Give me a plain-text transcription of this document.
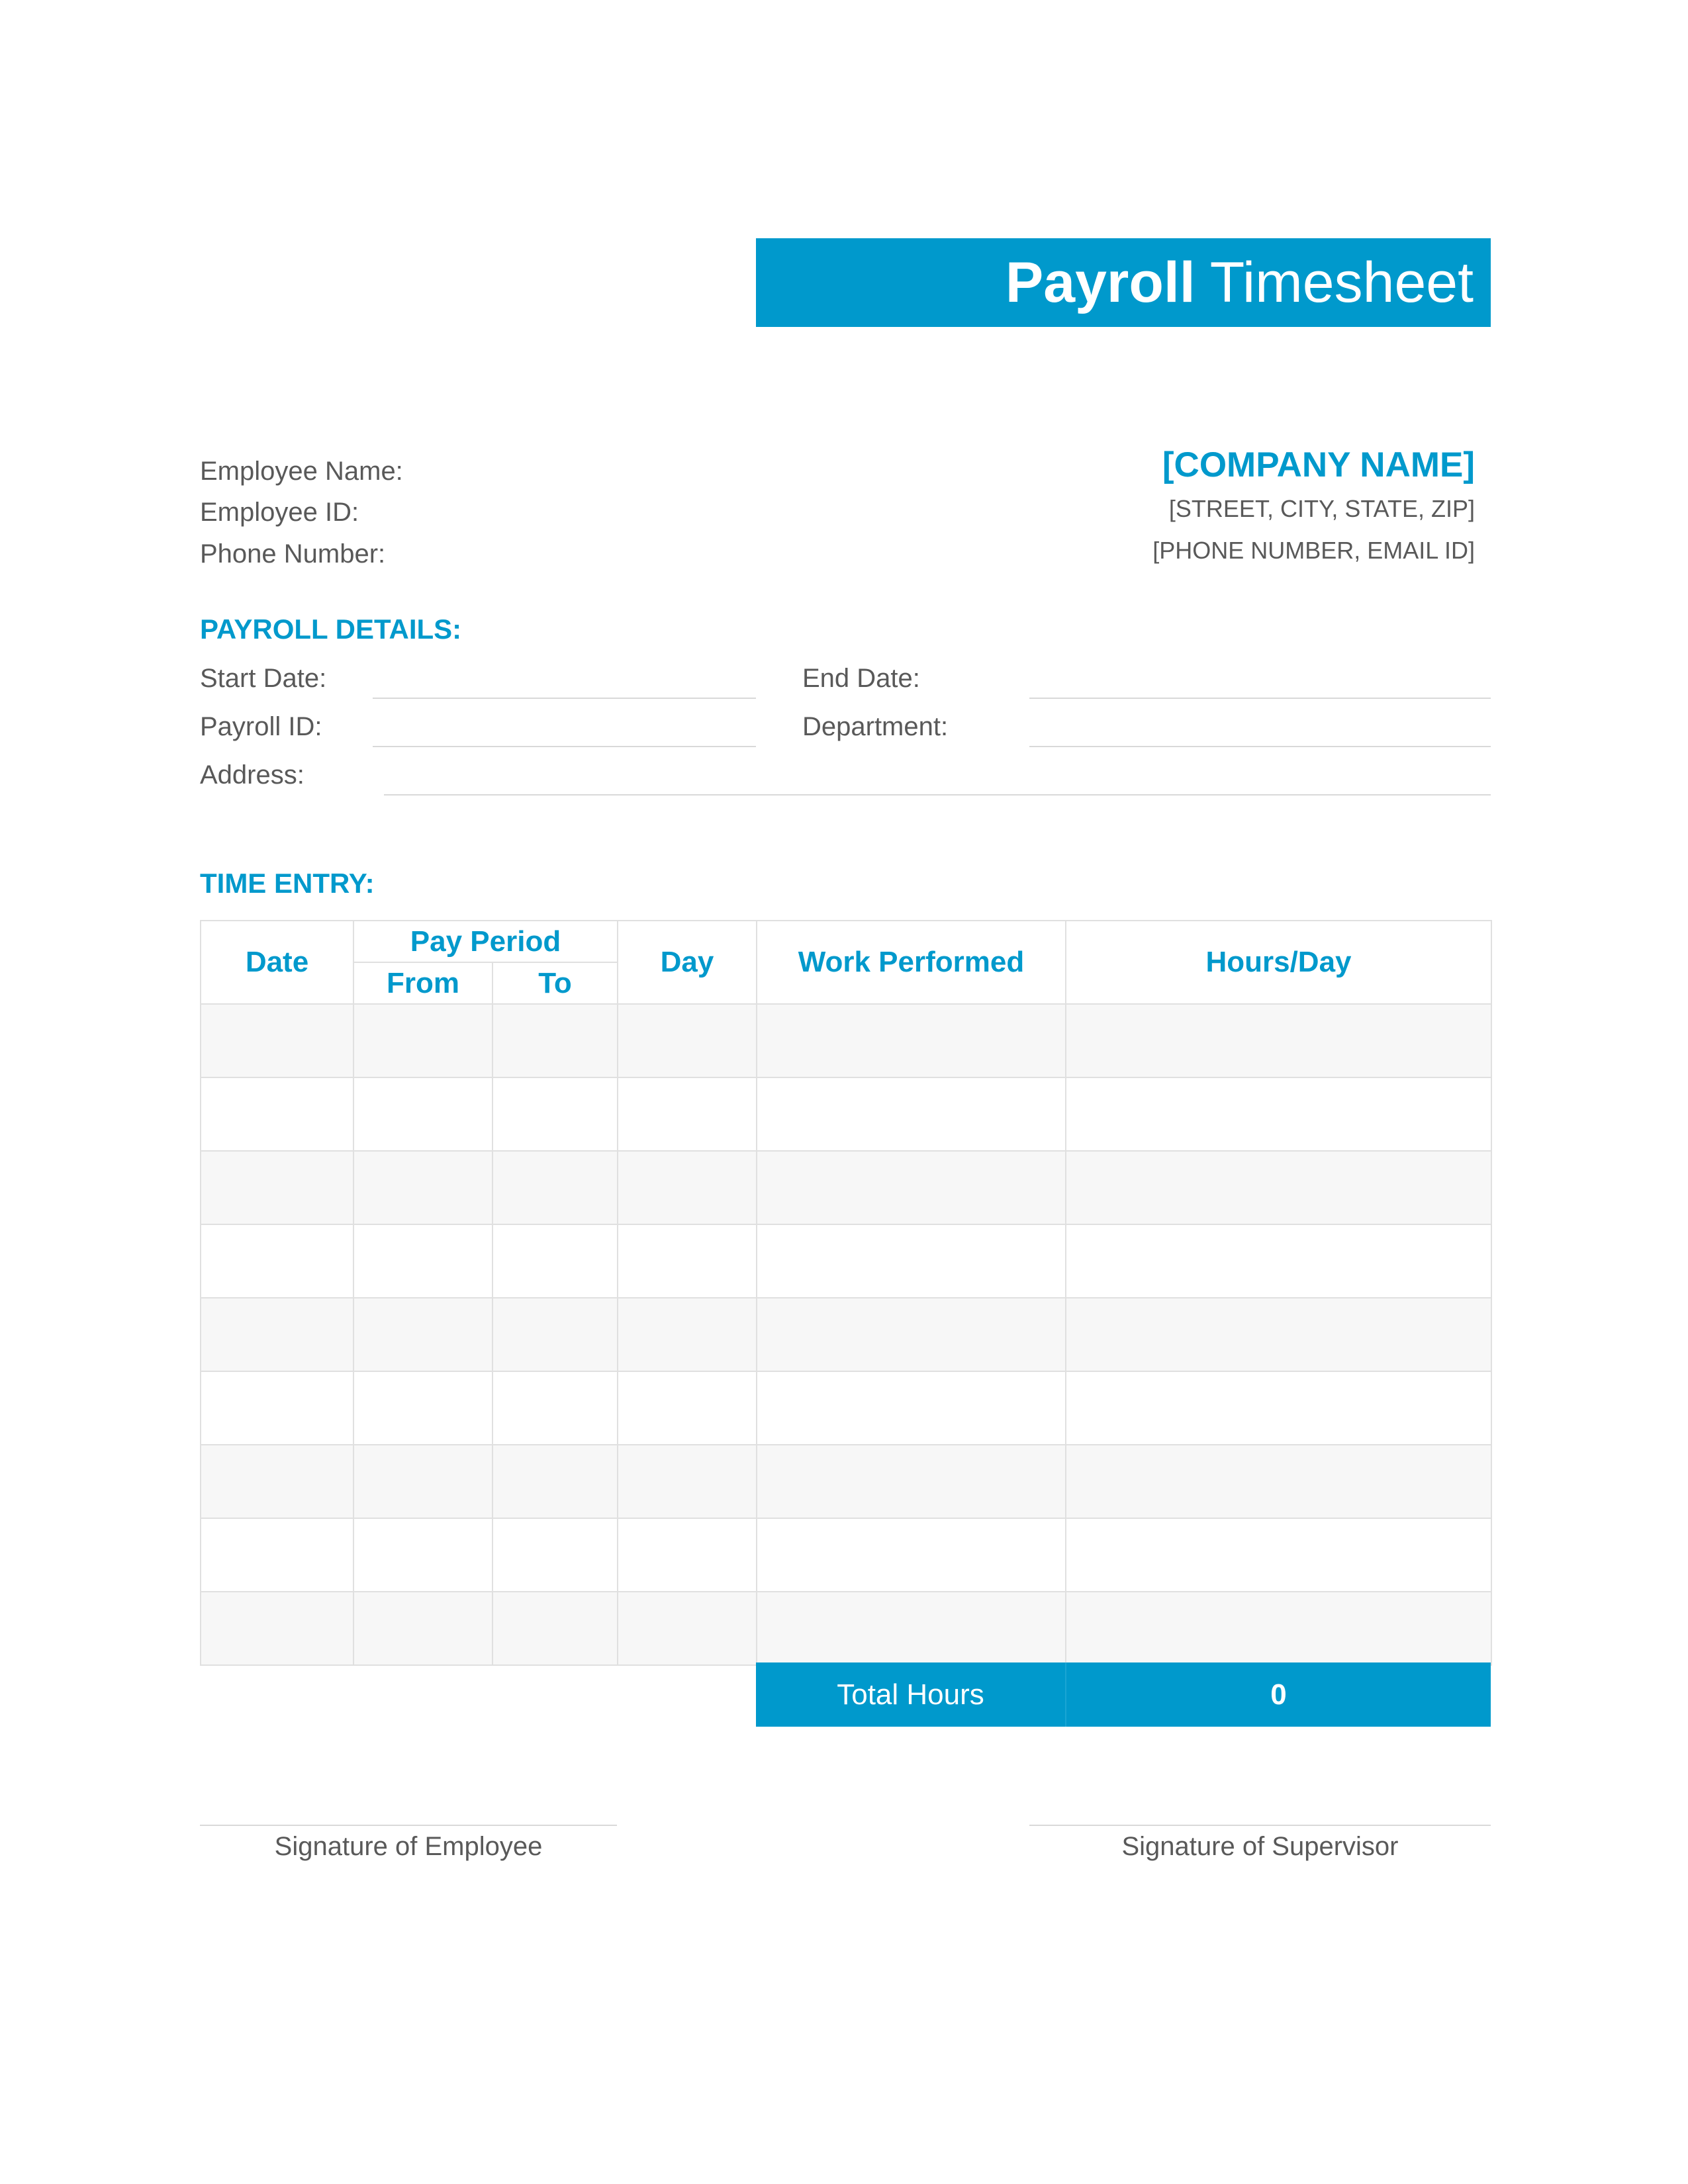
Payroll Timesheet
Employee Name:
Employee ID:
Phone Number:
[COMPANY NAME]
[STREET, CITY, STATE, ZIP]
[PHONE NUMBER, EMAIL ID]
PAYROLL DETAILS:
Start Date:	End Date:
Payroll ID:	Department:
Address:
TIME ENTRY:
Date	Pay Period		Day	Work Performed	Hours/Day
	From	To			

Total Hours	0
Signature of Employee	Signature of Supervisor
